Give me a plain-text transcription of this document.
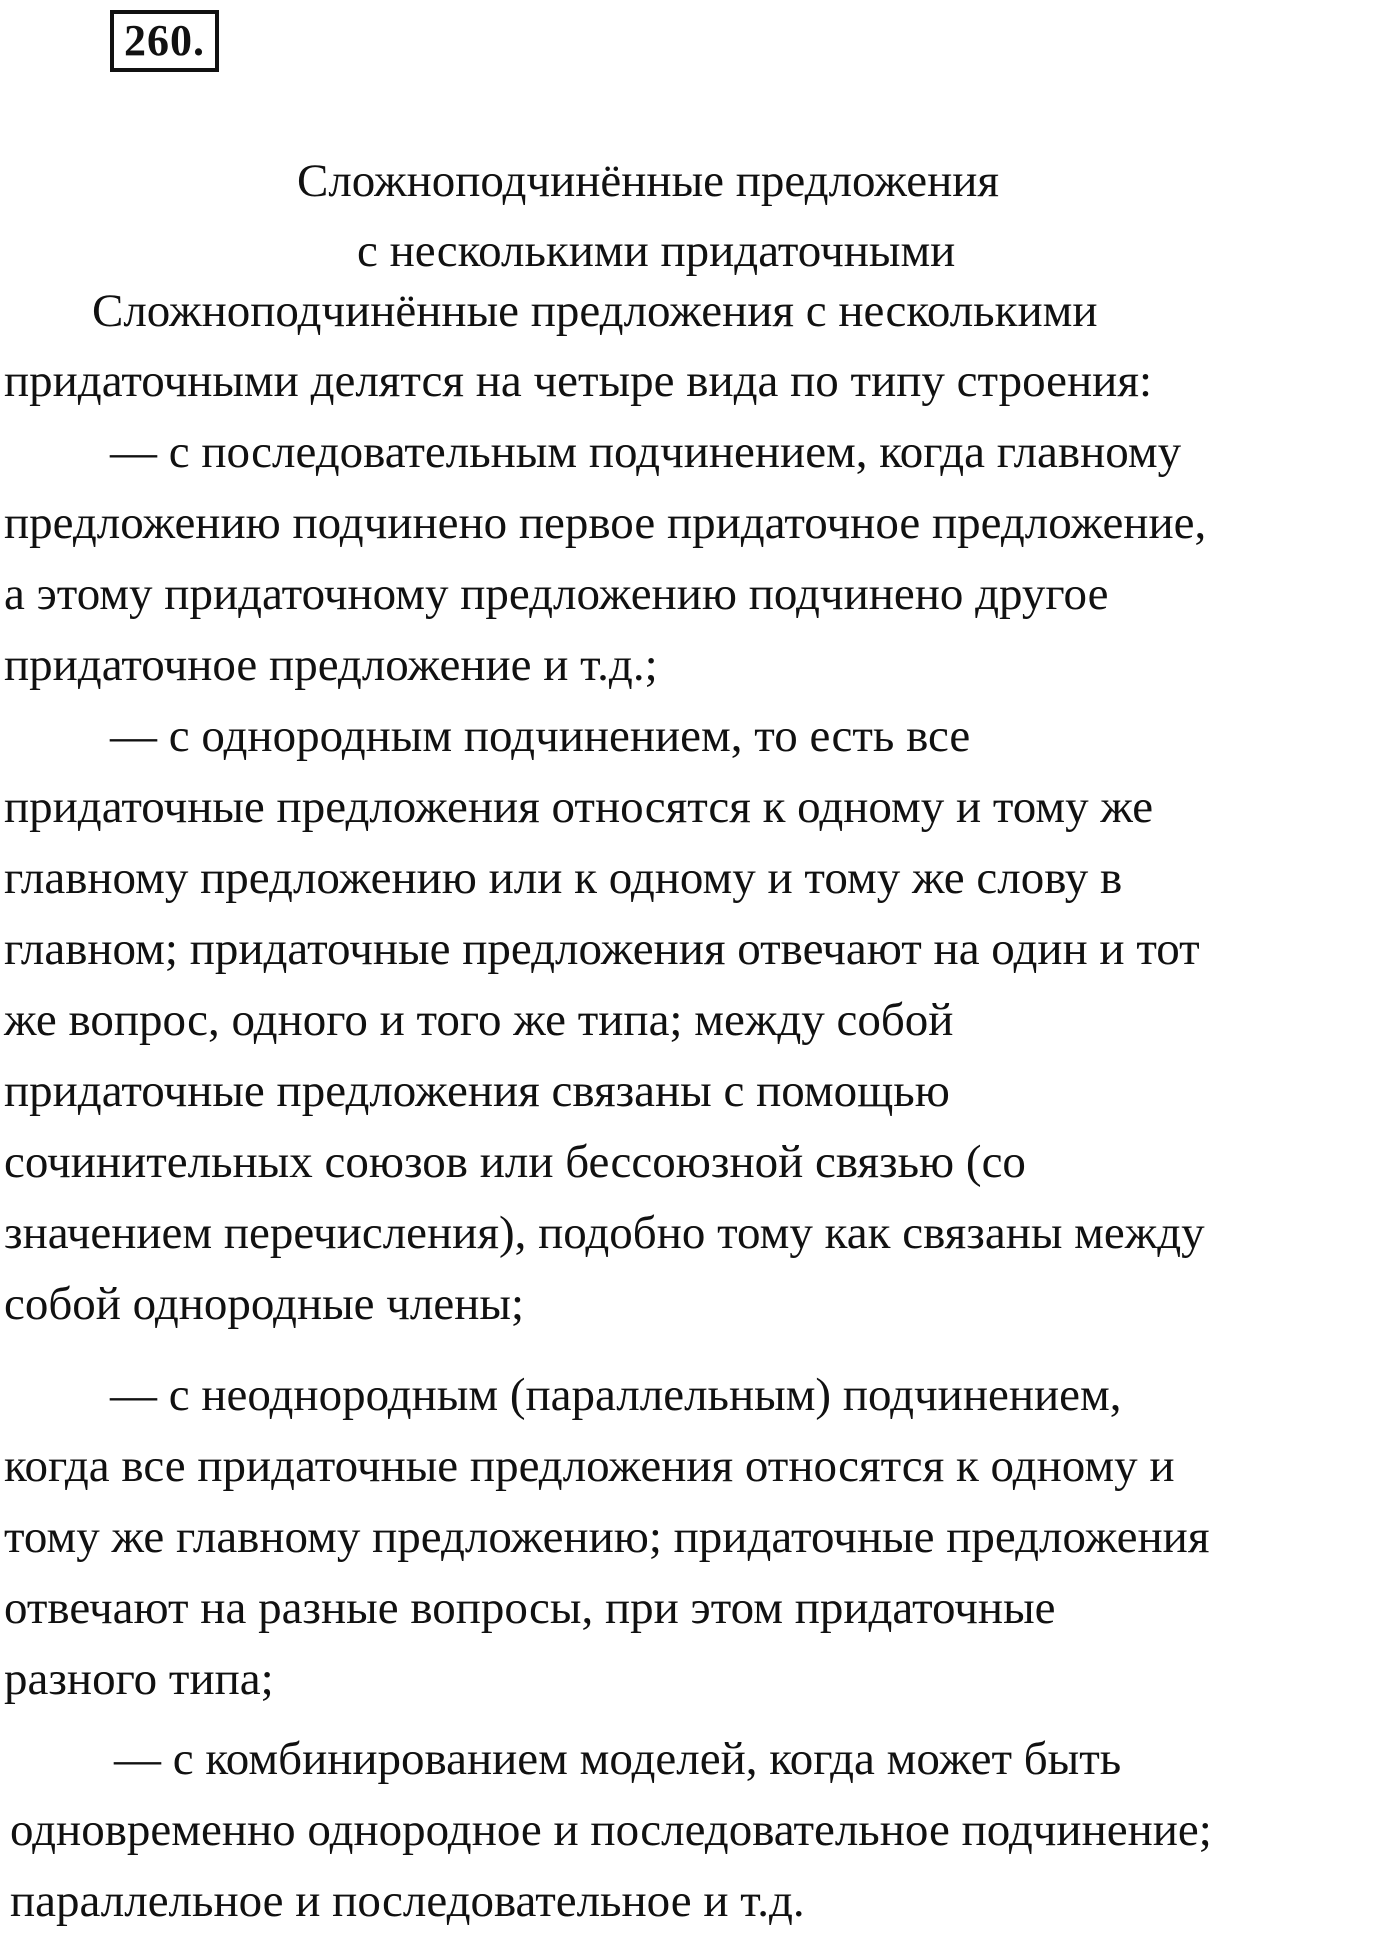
260.
Сложноподчинённые предложения
с несколькими придаточными
Сложноподчинённые предложения с несколькими
придаточными делятся на четыре вида по типу строения:
— с последовательным подчинением, когда главному
предложению подчинено первое придаточное предложение,
а этому придаточному предложению подчинено другое
придаточное предложение и т.д.;
— с однородным подчинением, то есть все
придаточные предложения относятся к одному и тому же
главному предложению или к одному и тому же слову в
главном; придаточные предложения отвечают на один и тот
же вопрос, одного и того же типа; между собой
придаточные предложения связаны с помощью
сочинительных союзов или бессоюзной связью (со
значением перечисления), подобно тому как связаны между
собой однородные члены;
— с неоднородным (параллельным) подчинением,
когда все придаточные предложения относятся к одному и
тому же главному предложению; придаточные предложения
отвечают на разные вопросы, при этом придаточные
разного типа;
— с комбинированием моделей, когда может быть
одновременно однородное и последовательное подчинение;
параллельное и последовательное и т.д.
